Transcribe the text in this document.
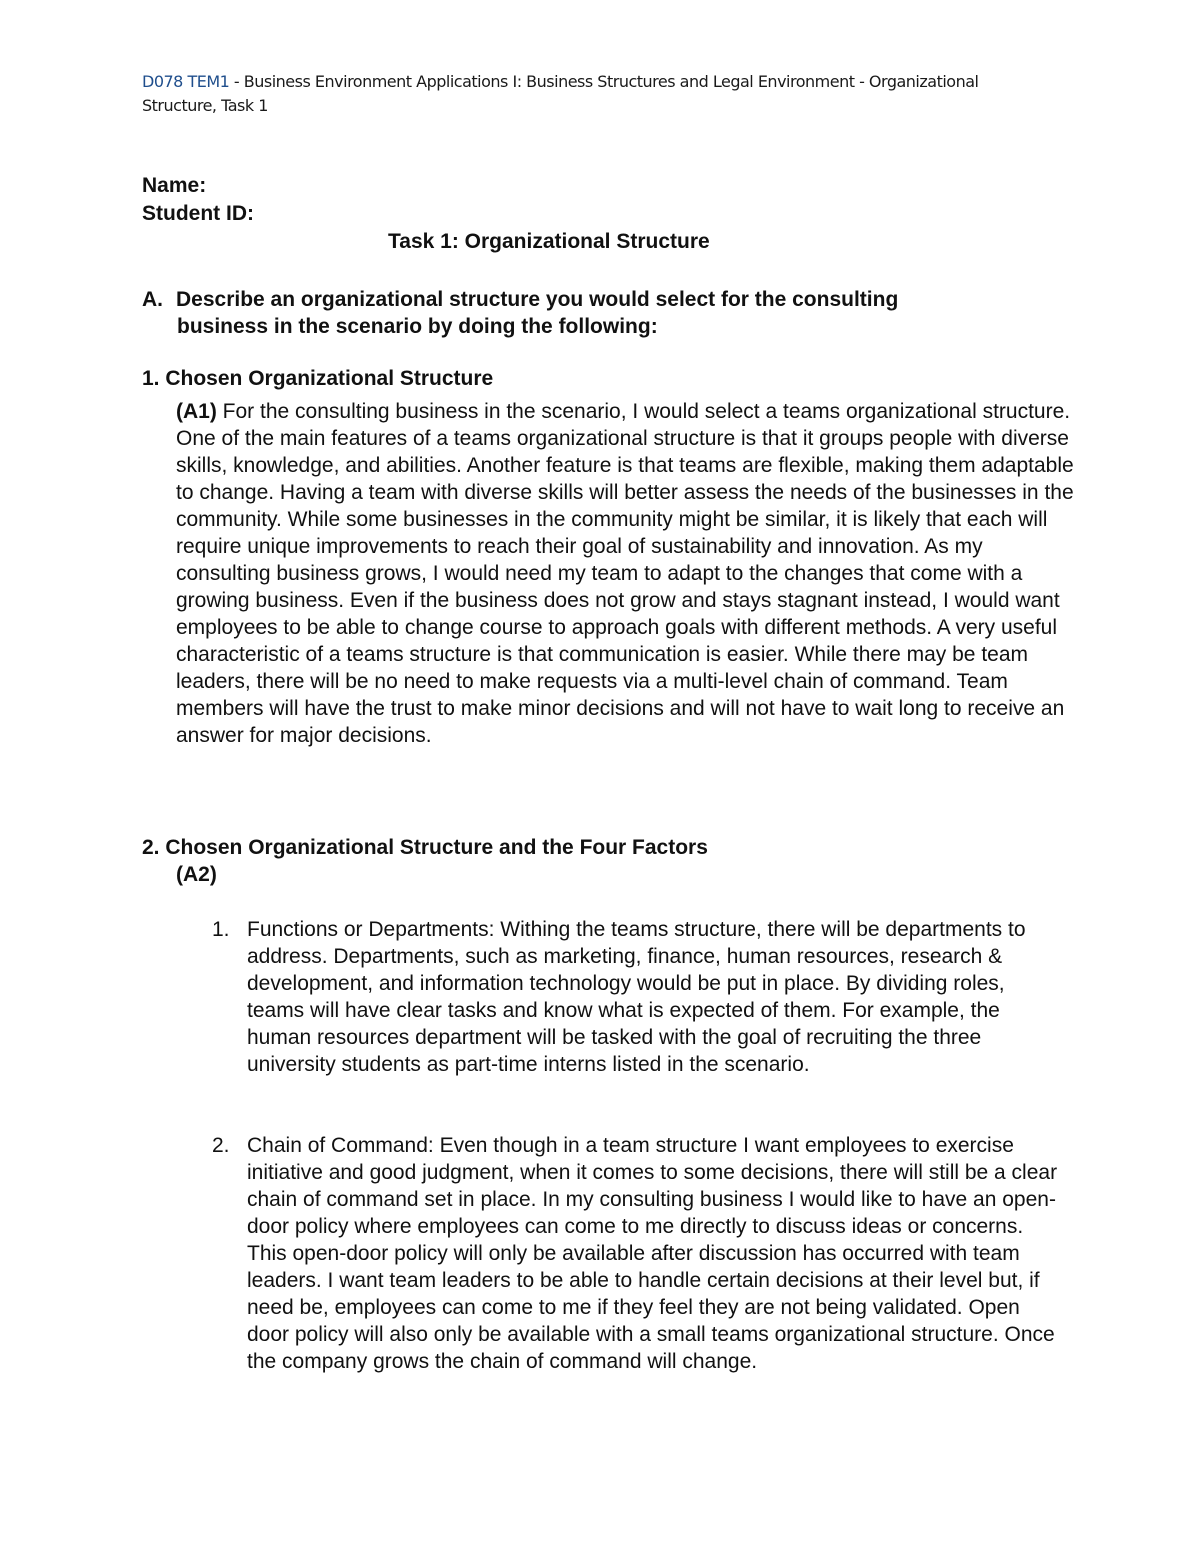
D078 TEM1 - Business Environment Applications I: Business Structures and Legal Environment - Organizational Structure, Task 1
Name:
Student ID:
Task 1: Organizational Structure
A. Describe an organizational structure you would select for the consulting
business in the scenario by doing the following:
1. Chosen Organizational Structure
(A1) For the consulting business in the scenario, I would select a teams organizational structure. One of the main features of a teams organizational structure is that it groups people with diverse skills, knowledge, and abilities. Another feature is that teams are flexible, making them adaptable to change. Having a team with diverse skills will better assess the needs of the businesses in the community. While some businesses in the community might be similar, it is likely that each will require unique improvements to reach their goal of sustainability and innovation. As my consulting business grows, I would need my team to adapt to the changes that come with a growing business. Even if the business does not grow and stays stagnant instead, I would want employees to be able to change course to approach goals with different methods. A very useful characteristic of a teams structure is that communication is easier. While there may be team leaders, there will be no need to make requests via a multi-level chain of command. Team members will have the trust to make minor decisions and will not have to wait long to receive an answer for major decisions.
2. Chosen Organizational Structure and the Four Factors
(A2)
1. Functions or Departments: Withing the teams structure, there will be departments to address. Departments, such as marketing, finance, human resources, research & development, and information technology would be put in place. By dividing roles, teams will have clear tasks and know what is expected of them. For example, the human resources department will be tasked with the goal of recruiting the three university students as part-time interns listed in the scenario.
2. Chain of Command: Even though in a team structure I want employees to exercise initiative and good judgment, when it comes to some decisions, there will still be a clear chain of command set in place. In my consulting business I would like to have an open-door policy where employees can come to me directly to discuss ideas or concerns. This open-door policy will only be available after discussion has occurred with team leaders. I want team leaders to be able to handle certain decisions at their level but, if need be, employees can come to me if they feel they are not being validated. Open door policy will also only be available with a small teams organizational structure. Once the company grows the chain of command will change.
